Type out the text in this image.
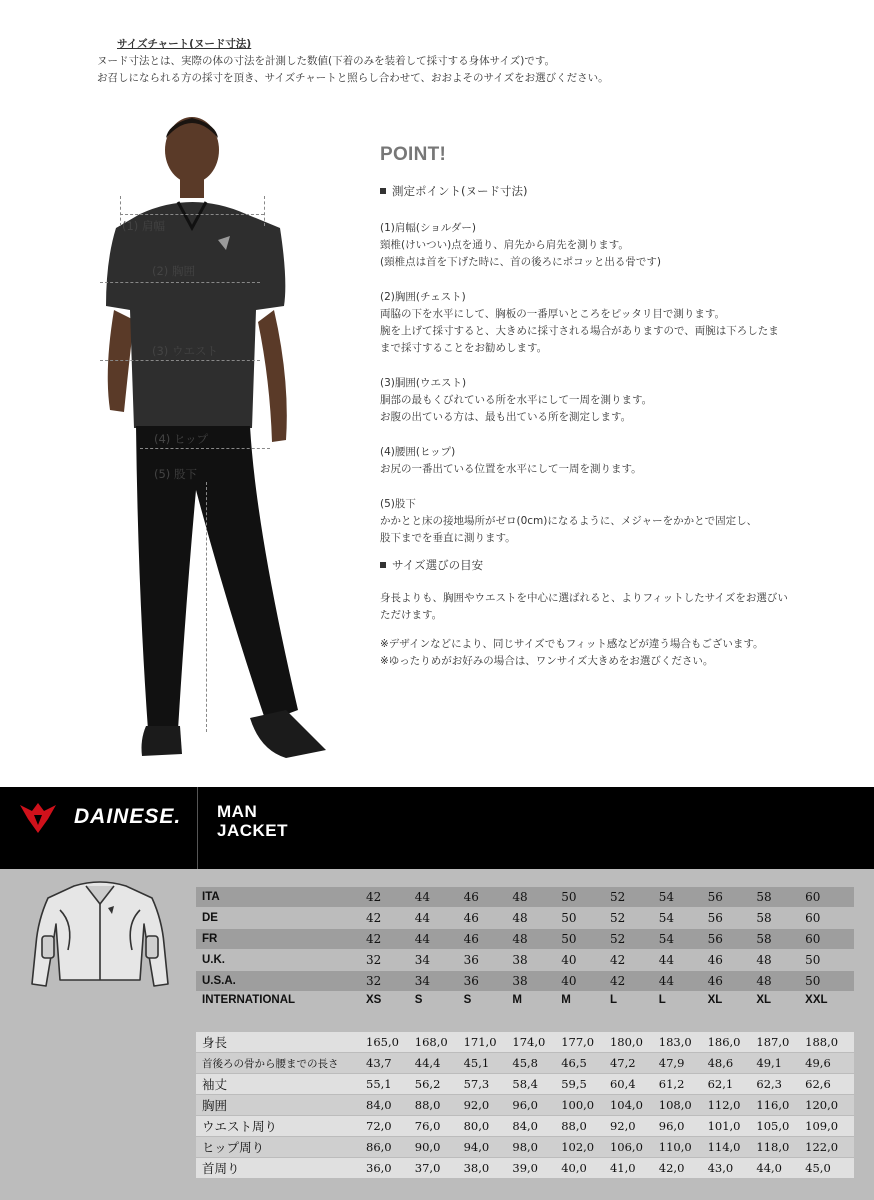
サイズチャート(ヌード寸法)
ヌード寸法とは、実際の体の寸法を計測した数値(下着のみを装着して採寸する身体サイズ)です。
お召しになられる方の採寸を頂き、サイズチャートと照らし合わせて、おおよそのサイズをお選びください。
(1) 肩幅
(2) 胸囲
(3) ウエスト
(4) ヒップ
(5) 股下
POINT!
測定ポイント(ヌード寸法)
(1)肩幅(ショルダー)
頸椎(けいつい)点を通り、肩先から肩先を測ります。
(頸椎点は首を下げた時に、首の後ろにポコッと出る骨です)
(2)胸囲(チェスト)
両脇の下を水平にして、胸板の一番厚いところをピッタリ目で測ります。
腕を上げて採寸すると、大きめに採寸される場合がありますので、両腕は下ろしたま
まで採寸することをお勧めします。
(3)胴囲(ウエスト)
胴部の最もくびれている所を水平にして一周を測ります。
お腹の出ている方は、最も出ている所を測定します。
(4)腰囲(ヒップ)
お尻の一番出ている位置を水平にして一周を測ります。
(5)股下
かかとと床の接地場所がゼロ(0cm)になるように、メジャーをかかとで固定し、
股下までを垂直に測ります。
サイズ選びの目安
身長よりも、胸囲やウエストを中心に選ばれると、よりフィットしたサイズをお選びい
ただけます。
※デザインなどにより、同じサイズでもフィット感などが違う場合もございます。
※ゆったりめがお好みの場合は、ワンサイズ大きめをお選びください。
DAINESE. MAN
JACKET
ITA	42	44	46	48	50	52	54	56	58	60
DE	42	44	46	48	50	52	54	56	58	60
FR	42	44	46	48	50	52	54	56	58	60
U.K.	32	34	36	38	40	42	44	46	48	50
U.S.A.	32	34	36	38	40	42	44	46	48	50
INTERNATIONAL	XS	S	S	M	M	L	L	XL	XL	XXL
身長	165,0	168,0	171,0	174,0	177,0	180,0	183,0	186,0	187,0	188,0
首後ろの骨から腰までの長さ	43,7	44,4	45,1	45,8	46,5	47,2	47,9	48,6	49,1	49,6
袖丈	55,1	56,2	57,3	58,4	59,5	60,4	61,2	62,1	62,3	62,6
胸囲	84,0	88,0	92,0	96,0	100,0	104,0	108,0	112,0	116,0	120,0
ウエスト周り	72,0	76,0	80,0	84,0	88,0	92,0	96,0	101,0	105,0	109,0
ヒップ周り	86,0	90,0	94,0	98,0	102,0	106,0	110,0	114,0	118,0	122,0
首周り	36,0	37,0	38,0	39,0	40,0	41,0	42,0	43,0	44,0	45,0
